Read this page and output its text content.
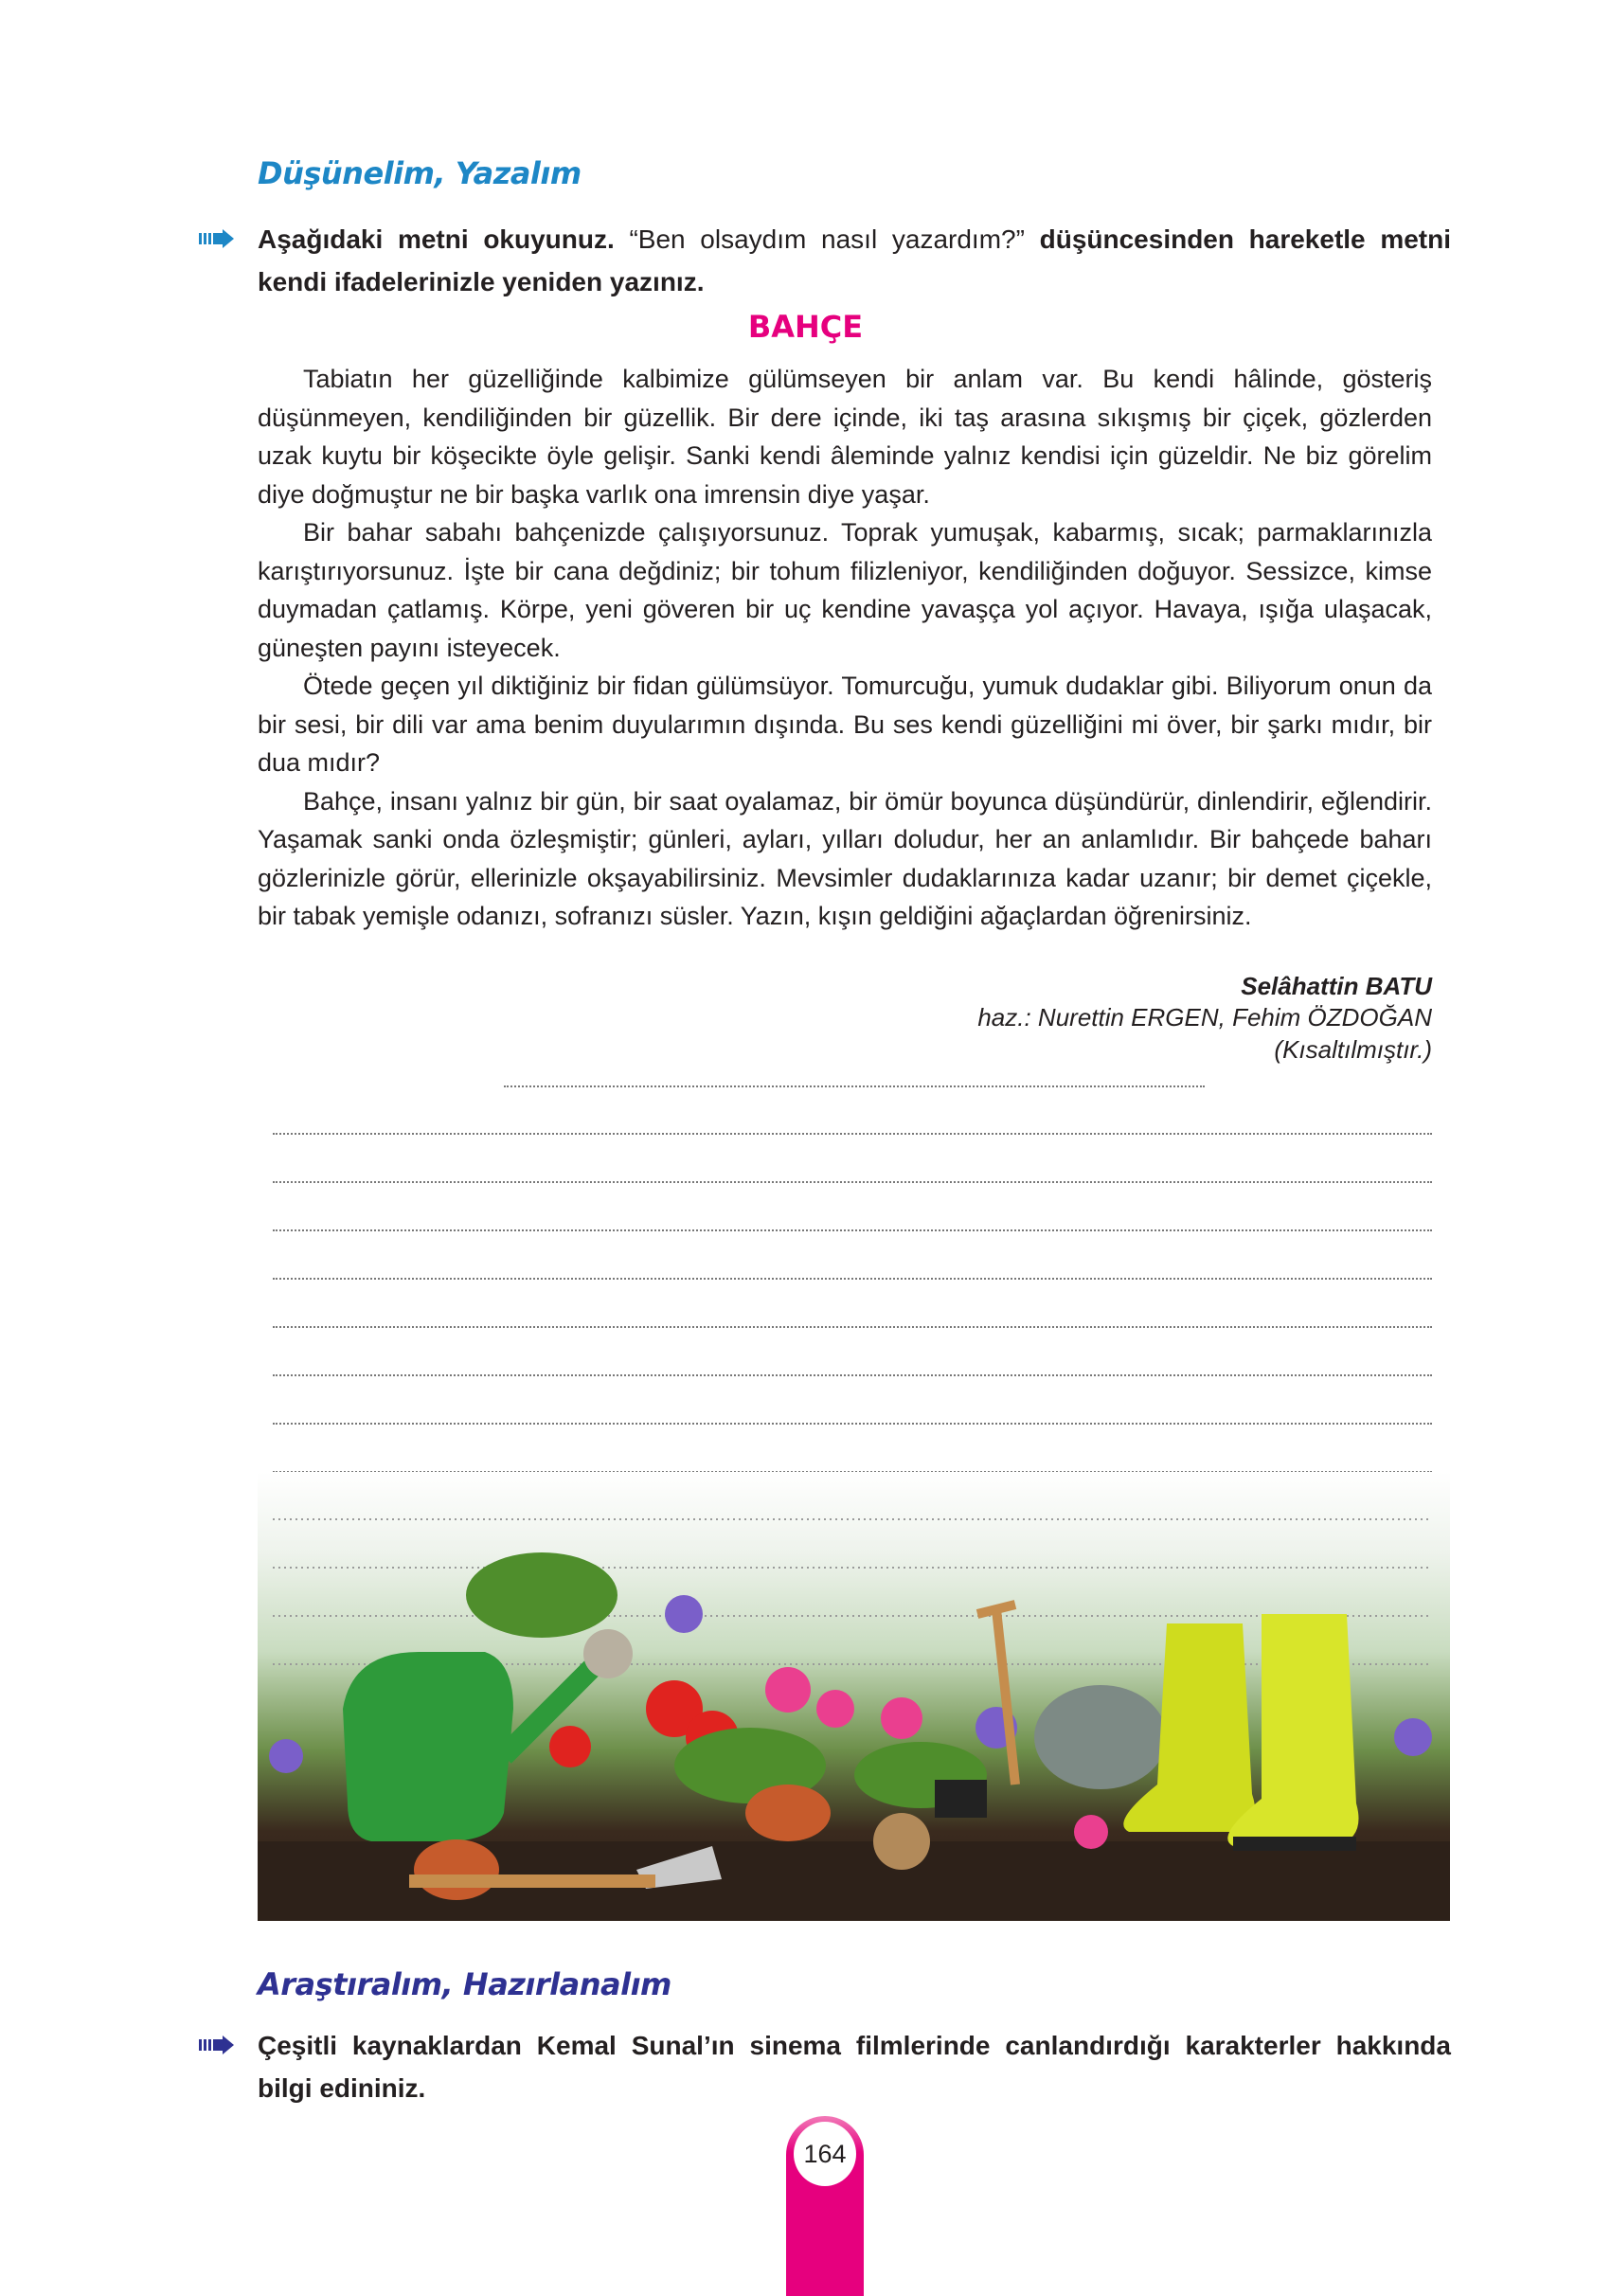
Düşünelim, Yazalım
Aşağıdaki metni okuyunuz. “Ben olsaydım nasıl yazardım?” düşüncesinden hareketle metni kendi ifadelerinizle yeniden yazınız.
BAHÇE

Tabiatın her güzelliğinde kalbimize gülümseyen bir anlam var. Bu kendi hâlinde, gösteriş düşünmeyen, kendiliğinden bir güzellik. Bir dere içinde, iki taş arasına sıkışmış bir çiçek, gözlerden uzak kuytu bir köşecikte öyle gelişir. Sanki kendi âleminde yalnız kendisi için güzeldir. Ne biz görelim diye doğmuştur ne bir başka varlık ona imrensin diye yaşar.

Bir bahar sabahı bahçenizde çalışıyorsunuz. Toprak yumuşak, kabarmış, sıcak; parmaklarınızla karıştırıyorsunuz. İşte bir cana değdiniz; bir tohum filizleniyor, kendiliğinden doğuyor. Sessizce, kimse duymadan çatlamış. Körpe, yeni göveren bir uç kendine yavaşça yol açıyor. Havaya, ışığa ulaşacak, güneşten payını isteyecek.

Ötede geçen yıl diktiğiniz bir fidan gülümsüyor. Tomurcuğu, yumuk dudaklar gibi. Biliyorum onun da bir sesi, bir dili var ama benim duyularımın dışında. Bu ses kendi güzelliğini mi över, bir şarkı mıdır, bir dua mıdır?

Bahçe, insanı yalnız bir gün, bir saat oyalamaz, bir ömür boyunca düşündürür, dinlendirir, eğlendirir. Yaşamak sanki onda özleşmiştir; günleri, ayları, yılları doludur, her an anlamlıdır. Bir bahçede baharı gözlerinizle görür, ellerinizle okşayabilirsiniz. Mevsimler dudaklarınıza kadar uzanır; bir demet çiçekle, bir tabak yemişle odanızı, sofranızı süsler. Yazın, kışın geldiğini ağaçlardan öğrenirsiniz.

Selâhattin BATU
haz.: Nurettin ERGEN, Fehim ÖZDOĞAN
(Kısaltılmıştır.)
Araştıralım, Hazırlanalım
Çeşitli kaynaklardan Kemal Sunal’ın sinema filmlerinde canlandırdığı karakterler hakkında bilgi edininiz.
164
